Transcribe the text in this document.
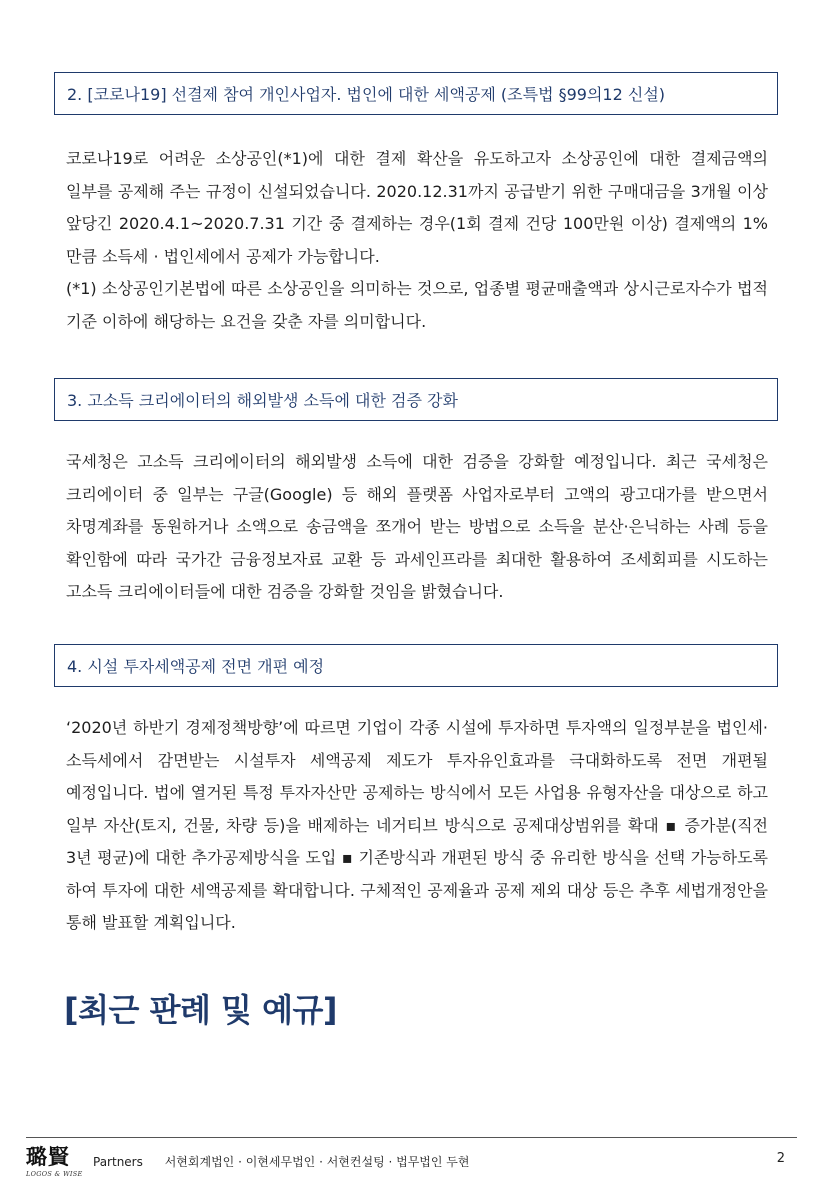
2. [코로나19] 선결제 참여 개인사업자. 법인에 대한 세액공제 (조특법 §99의12 신설)

코로나19로 어려운 소상공인(*1)에 대한 결제 확산을 유도하고자 소상공인에 대한 결제금액의 일부를 공제해 주는 규정이 신설되었습니다. 2020.12.31까지 공급받기 위한 구매대금을 3개월 이상 앞당긴 2020.4.1~2020.7.31 기간 중 결제하는 경우(1회 결제 건당 100만원 이상) 결제액의 1%만큼 소득세 · 법인세에서 공제가 가능합니다.

(*1) 소상공인기본법에 따른 소상공인을 의미하는 것으로, 업종별 평균매출액과 상시근로자수가 법적 기준 이하에 해당하는 요건을 갖춘 자를 의미합니다.

3. 고소득 크리에이터의 해외발생 소득에 대한 검증 강화

국세청은 고소득 크리에이터의 해외발생 소득에 대한 검증을 강화할 예정입니다. 최근 국세청은 크리에이터 중 일부는 구글(Google) 등 해외 플랫폼 사업자로부터 고액의 광고대가를 받으면서 차명계좌를 동원하거나 소액으로 송금액을 쪼개어 받는 방법으로 소득을 분산·은닉하는 사례 등을 확인함에 따라 국가간 금융정보자료 교환 등 과세인프라를 최대한 활용하여 조세회피를 시도하는 고소득 크리에이터들에 대한 검증을 강화할 것임을 밝혔습니다.

4. 시설 투자세액공제 전면 개편 예정

‘2020년 하반기 경제정책방향’에 따르면 기업이 각종 시설에 투자하면 투자액의 일정부분을 법인세·소득세에서 감면받는 시설투자 세액공제 제도가 투자유인효과를 극대화하도록 전면 개편될 예정입니다. 법에 열거된 특정 투자자산만 공제하는 방식에서 모든 사업용 유형자산을 대상으로 하고 일부 자산(토지, 건물, 차량 등)을 배제하는 네거티브 방식으로 공제대상범위를 확대 ▪ 증가분(직전 3년 평균)에 대한 추가공제방식을 도입 ▪ 기존방식과 개편된 방식 중 유리한 방식을 선택 가능하도록 하여 투자에 대한 세액공제를 확대합니다. 구체적인 공제율과 공제 제외 대상 등은 추후 세법개정안을 통해 발표할 계획입니다.

[최근 판례 및 예규]
璐賢
LOGOS & WISE
Partners 서현회계법인 · 이현세무법인 · 서현컨설팅 · 법무법인 두현	2
